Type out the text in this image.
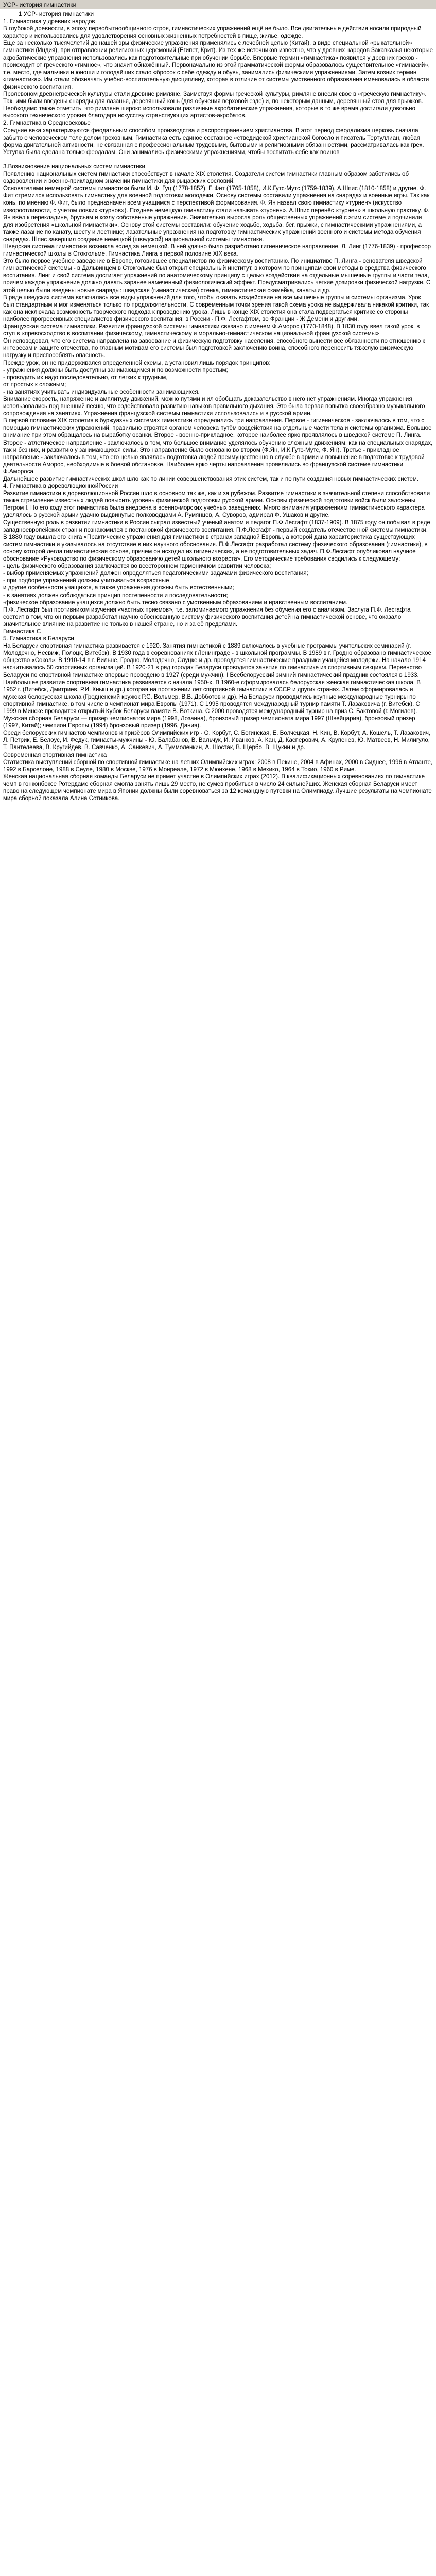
УСР- история гимнастики

1 УСР- история гимнастики

1. Гимнастика у древних народов

В глубокой древности, в эпоху первобытнообщинного строя, гимнастических упражнений ещё не было. Все двигательные действия носили природный характер и использовались для удовлетворения основных жизненных потребностей в пище, жилье, одежде.

Еще за несколько тысячелетий до нашей эры физические упражнения применялись с лечебной целью (Китай), а виде специальной «рыкательной» гимнастики (Индия), при отправлении религиозных церемоний (Египет, Крит). Из тех же источников известно, что у древних народов Закавказья некоторые акробатические упражнения использовались как подготовительные при обучении борьбе. Впервые термин «гимнастика» появился у древних греков - происходит от греческого «гимнос», что значит обнажённый. Первоначально из этой грамматической формы образовалось существительное «гимнасий», т.е. место, где мальчики и юноши и голодайших стало «бросок с себе одежду и обувь, занимались физическими упражнениями. Затем возник термин «гимнастика». Им стали обозначать учебно-воспитательную дисциплину, которая в отличие от системы умственного образования именовалась в области физического воспитания.

Пролевоном древнегреческой культуры стали древние римляне. Заимствуя формы греческой культуры, римляне внесли свое в «греческую гимнастику». Так, ими были введены снаряды для лазанья, деревянный конь (для обучения верховой езде) и, по некоторым данным, деревянный стол для прыжков.

Необходимо также отметить, что римляне широко использовали различные акробатические упражнения, которые в то же время достигали довольно высокого технического уровня благодаря искусству странствующих артистов-акробатов.

2. Гимнастика в Средневековье

Средние века характеризуются феодальным способом производства и распространением христианства. В этот период феодализма церковь сначала забыто о человеческом теле делом греховным. Гимнастика есть единое составное «стведидской христианской богосло и писатель Тертуллиан, любая форма двигательной активности, не связанная с профессиональным трудовыми, бытовыми и религиозными обязанностями, рассматривалась как грех.

Уступка была сделана только феодалам. Они занимались физическими упражнениями, чтобы воспитать себе как воинов

3.Возникновение национальных систем гимнастики

Появлению национальных систем гимнастики способствует в начале XIX столетия. Создатели систем гимнастики главным образом заботились об оздоровлении и военно-прикладном значении гимнастики для рыцарских сословий.

Основателями немецкой системы гимнастики были И. Ф. Гуц (1778-1852), Г. Фит (1765-1858), И.К.Гутс-Мутс (1759-1839), А.Шпис (1810-1858) и другие. Ф. Фит стремился использовать гимнастику для военной подготовки молодежи. Основу системы составили упражнения на снарядах и военные игры. Так как конь, по мнению Ф. Фит, было предназначен всем учащимся с перспективой формирования. Ф. Ян назвал свою гимнастику «турнен» (искусство извороотливости, с учетом ловких «турнов»). Позднее немецкую гимнастику стали называть «турнен». А.Шпис перенёс «турнен» в школьную практику. Ф. Ян ввёл к перекладине, брусьям и козлу собственные упражнения. Значительно выросла роль общественных упражнений с этим системе и подчинили для изобретения «школьной гимнастики». Основу этой системы составили: обучение ходьбе, ходьба, бег, прыжки, с гимнастическими упражнениями, а также лазание по канату, шесту и лестнице; лазательные упражнения на подготовку гимнастических упражнений военного и системы метода обучения снарядах. Шпис завершил создание немецкой (шведской) национальной системы гимнастики.

Шведская система гимнастики возникла вслед за немецкой. В ней удачно было разработано гигиеническое направление. Л. Линг (1776-1839) - профессор гимнастической школы в Стокгольме. Гимнастика Линга в первой половине XIX века.

Это было первое учебное заведение в Европе, готовившее специалистов по физическому воспитанию. По инициативе П. Линга - основателя шведской гимнастической системы - в Дальвинцем в Стокгольме был открыт специальный институт, в котором по принципам свои методы в средства физического воспитания. Линг и свой система достигает упражнений по анатомическому принципу с целью воздействия на отдельные мышечные группы и части тела, причем каждое упражнение должно давать заранее намеченный физиологический эффект. Предусматривались четкие дозировки физической нагрузки. С этой целью были введены новые снаряды: шведская (гимнастическая) стенка, гимнастическая скамейка, канаты и др.

В ряде шведских система включалась все виды упражнений для того, чтобы оказать воздействие на все мышечные группы и системы организма. Урок был стандартным и мог изменяться только по продолжительности. С современным точки зрения такой схема урока не выдерживала никакой критики, так как она исключала возможность творческого подхода к проведению урока. Лишь в конце XIX столетия она стала подвергаться критике со стороны наиболее прогрессивных специалистов физического воспитания: в России - П.Ф. Лесгафтом, во Франции - Ж.Демени и другими.

Французская система гимнастики. Развитие французской системы гимнастики связано с именем Ф.Аморос (1770-1848). В 1830 году ввел такой урок, в ступ в «превосходство в воспитании физическому, гимнастическому и морально-гимнастическом национальной французской системы»

Он исповедовал, что его система направлена на завоевание и физическую подготовку населения, способного вынести все обязанности по отношению к интересам и защите отечества, по главным мотивам его системы был подготовкой заключению воина, способного переносить тяжелую физическую нагрузку и приспособлять опасность.

Прежде урок, он не придерживался определенной схемы, а установил лишь порядок принципов:

- упражнения должны быть доступны занимающимся и по возможности простым;

- проводить их надо последовательно, от легких к трудным,

от простых к сложным;

- на занятиях учитывать индивидуальные особенности занимающихся.

Внимание скорость, напряжение и амплитуду движений, можно путями и ил обобщать доказательство в него нет упражнениям. Иногда упражнения использовались под внешний песню, что содействовало развитию навыков правильного дыхания. Это была первая попытка своеобразно музыкального сопровождения на занятиях. Упражнения французской системы гимнастики использовались и в русской армии.

В первой половине XIX столетия в буржуазных системах гимнастики определились три направления. Первое - гигиеническое - заключалось в том, что с помощью гимнастических упражнений, правильно строятся органом человека путём воздействия на отдельные части тела и системы организма. Большое внимание при этом обращалось на выработку осанки. Второе - военно-прикладное, которое наиболее ярко проявлялось в шведской системе П. Линга. Второе - атлетическое направление - заключалось в том, что большое внимание уделялось обучению сложным движениям, как на специальных снарядах, так и без них, и развитию у занимающихся силы. Это направление было основано во втором (Ф.Ян, И.К.Гутс-Мутс, Ф. Ян). Третье - прикладное направление - заключалось в том, что его целью являлась подготовка людей преимущественно в службе в армии и повышение в подготовке к трудовой деятельности Аморос, необходимые в боевой обстановке. Наиболее ярко черты направления проявлялись во французской системе гимнастики Ф.Амороса.

Дальнейшее развитие гимнастических школ шло как по линии совершенствования этих систем, так и по пути создания новых гимнастических систем.

4. Гимнастика в дореволюционнойРоссии

Развитие гимнастики в дореволюционной России шло в основном так же, как и за рубежом. Развитие гимнастики в значительной степени способствовали также стремление известных людей повысить уровень физической подготовки русской армии. Основы физической подготовки войск были заложены Петром I. Но его коду этот гимнастика была внедрена в военно-морских учебных заведениях. Много внимания упражнениям гимнастического характера уделялось в русской армии удачно выдвинутые полководцами А. Румянцев, А. Суворов, адмирал Ф. Ушаков и другие.

Существенную роль в развитии гимнастики в России сыграл известный ученый анатом и педагог П.Ф.Лесгафт (1837-1909). В 1875 году он побывал в ряде западноевропейских стран и познакомился с постановкой физического воспитания. П.Ф.Лесгафт - первый создатель отечественной системы гимнастики.

В 1880 году вышла его книга «Практические упражнения для гимнастики в странах западной Европы, а которой дана характеристика существующих систем гимнастики и указывалось на отсутствие в них научного обоснования. П.Ф.Лесгафт разработал систему физического образования (гимнастики), в основу которой легла гимнастическая основе, причем он исходил из гигиенических, а не подготовительных задач. П.Ф.Лесгафт опубликовал научное обоснование «Руководство по физическому образованию детей школьного возраста». Его методические требования сводились к следующему:

- цель физического образования заключается во всестороннем гармоничном развитии человека;

- выбор применяемых упражнений должен определяться педагогическими задачами физического воспитания;

- при подборе упражнений должны учитываться возрастные

и другие особенности учащихся, а также упражнения должны быть естественными;

- в занятиях должен соблюдаться принцип постепенности и последовательности;

-физическое образование учащихся должно быть тесно связано с умственным образованием и нравственным воспитанием.

П.Ф. Лесгафт был противником изучения «частных приемов», т.е. запоминаемого упражнения без обучения его с анализом. Заслуга П.Ф. Лесгафта состоит в том, что он первым разработал научно обоснованную систему физического воспитания детей на гимнастической основе, что оказало значительное влияние на развитие не только в нашей стране, но и за её пределами.

Гимнастика С

5. Гимнастика в Беларуси

На Беларуси спортивная гимнастика развивается с 1920. Занятия гимнастикой с 1889 включалось в учебные программы учительских семинарий (г. Молодечно, Несвиж, Полоцк, Витебск). В 1930 года в соревнованиях г.Ленинграде - в школьной программы. В 1989 в г. Гродно образовано гимнастическое общество «Сокол». В 1910-14 в г. Вильне, Гродно, Молодечно, Слуцке и др. проводятся гимнастические праздники учащейся молодежи. На начало 1914 насчитывалось 50 спортивных организаций. В 1920-21 в ряд городах Беларуси проводится занятия по гимнастике из спортивным секциям. Первенство Беларуси по спортивной гимнастике впервые проведено в 1927 (среди мужчин). І Всебелорусский зимний гимнастический праздник состоялся в 1933. Наибольшее развитие спортивная гимнастика развивается с начала 1950-х. В 1960-е сформировалась белорусская женская гимнастическая школа. В 1952 г. (Витебск, Дмитриев, Р.И. Кныш и др.) которая на протяжении лет спортивной гимнастики в СССР и других странах. Затем сформировалась и мужская белорусская школа (Гродненский кружок Р.С. Вольмер, В.В. Добботов и др). На Беларуси проводились крупные международные турниры по спортивной гимнастике, в том числе в чемпионат мира Европы (1971). С 1995 проводятся международный турнир памяти Т. Лазаковича (г. Витебск). С 1999 в Минске проводится открытый Кубок Беларуси памяти В. Воткина. С 2000 проводятся международный турнир на приз С. Бактовой (г. Могилев). Мужская сборная Беларуси — призер чемпионатов мира (1998, Лозанна), бронзовый призер чемпионата мира 1997 (Швейцария), бронзовый призер (1997, Китай); чемпион Европы (1994) бронзовый призер (1996, Дания).

Среди белорусских гимнастов чемпионов и призёров Олимпийских игр - О. Корбут, С. Богинская, Е. Волчецкая, Н. Кин, В. Корбут, А. Кошель, Т. Лазакович, Л. Петрик, Е. Белоус, И. Федук, гимнасты-мужчины - Ю. Балабанов, В. Вальчук, И. Иванков, А. Кан, Д. Касперович, А. Крупенев, Ю. Матвеев, Н. Милигуло, Т. Пантелеева, В. Кругийдев, В. Савченко, А. Санкевич, А. Туммоленкин, А. Шостак, В. Щербо, В. Щукин и др.

Современная спортивная гимнастика

Статистика выступлений сборной по спортивной гимнастике на летних Олимпийских играх: 2008 в Пекине, 2004 в Афинах, 2000 в Сиднее, 1996 в Атланте, 1992 в Барселоне, 1988 в Сеуле, 1980 в Москве, 1976 в Монреале, 1972 в Мюнхене, 1968 в Мехико, 1964 в Токио, 1960 в Риме.

Женская национальная сборная команды Беларуси не примет участие в Олимпийских играх (2012). В квалификационных соревнованиях по гимнастике чемп в гонконбоксе Ротердаме сборная смогла занять лишь 29 место, не сумев пробиться в число 24 сильнейших. Женская сборная Беларуси имеет право на следующем чемпионате мира в Японии должны были соревноваться за 12 командную путевки на Олимпиаду. Лучшие результаты на чемпионате мира сборной показала Алина Сотникова.
